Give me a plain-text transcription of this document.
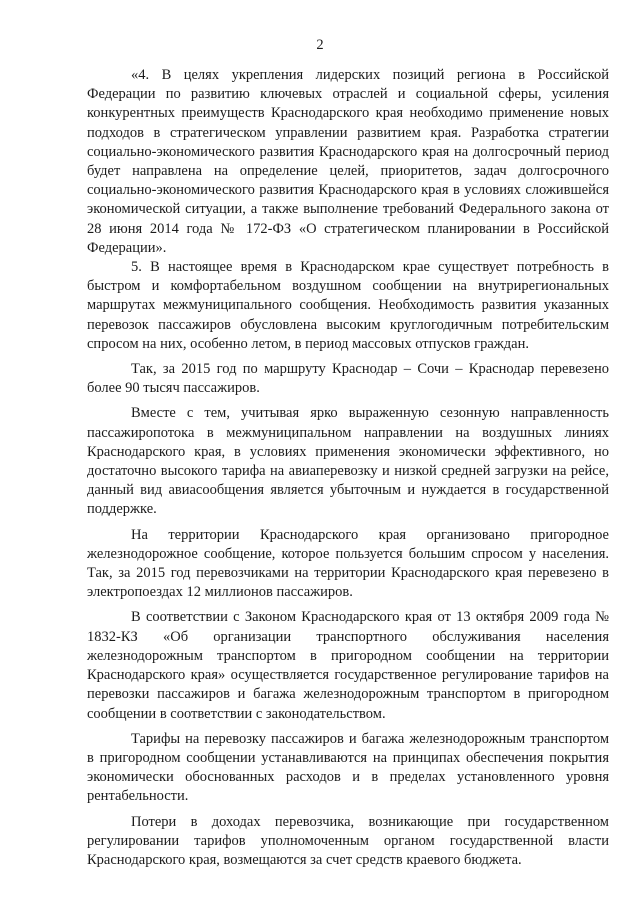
2

«4. В целях укрепления лидерских позиций региона в Российской Федерации по развитию ключевых отраслей и социальной сферы, усиления конкурентных преимуществ Краснодарского края необходимо применение новых подходов в стратегическом управлении развитием края. Разработка стратегии социально-экономического развития Краснодарского края на долгосрочный период будет направлена на определение целей, приоритетов, задач долгосрочного социально-экономического развития Краснодарского края в условиях сложившейся экономической ситуации, а также выполнение требований Федерального закона от 28 июня 2014 года № 172-ФЗ «О стратегическом планировании в Российской Федерации».

5. В настоящее время в Краснодарском крае существует потребность в быстром и комфортабельном воздушном сообщении на внутрирегиональных маршрутах межмуниципального сообщения. Необходимость развития указанных перевозок пассажиров обусловлена высоким круглогодичным потребительским спросом на них, особенно летом, в период массовых отпусков граждан.

Так, за 2015 год по маршруту Краснодар – Сочи – Краснодар перевезено более 90 тысяч пассажиров.

Вместе с тем, учитывая ярко выраженную сезонную направленность пассажиропотока в межмуниципальном направлении на воздушных линиях Краснодарского края, в условиях применения экономически эффективного, но достаточно высокого тарифа на авиаперевозку и низкой средней загрузки на рейсе, данный вид авиасообщения является убыточным и нуждается в государственной поддержке.

На территории Краснодарского края организовано пригородное железнодорожное сообщение, которое пользуется большим спросом у населения. Так, за 2015 год перевозчиками на территории Краснодарского края перевезено в электропоездах 12 миллионов пассажиров.

В соответствии с Законом Краснодарского края от 13 октября 2009 года № 1832-КЗ «Об организации транспортного обслуживания населения железнодорожным транспортом в пригородном сообщении на территории Краснодарского края» осуществляется государственное регулирование тарифов на перевозки пассажиров и багажа железнодорожным транспортом в пригородном сообщении в соответствии с законодательством.

Тарифы на перевозку пассажиров и багажа железнодорожным транспортом в пригородном сообщении устанавливаются на принципах обеспечения покрытия экономически обоснованных расходов и в пределах установленного уровня рентабельности.

Потери в доходах перевозчика, возникающие при государственном регулировании тарифов уполномоченным органом государственной власти Краснодарского края, возмещаются за счет средств краевого бюджета.
